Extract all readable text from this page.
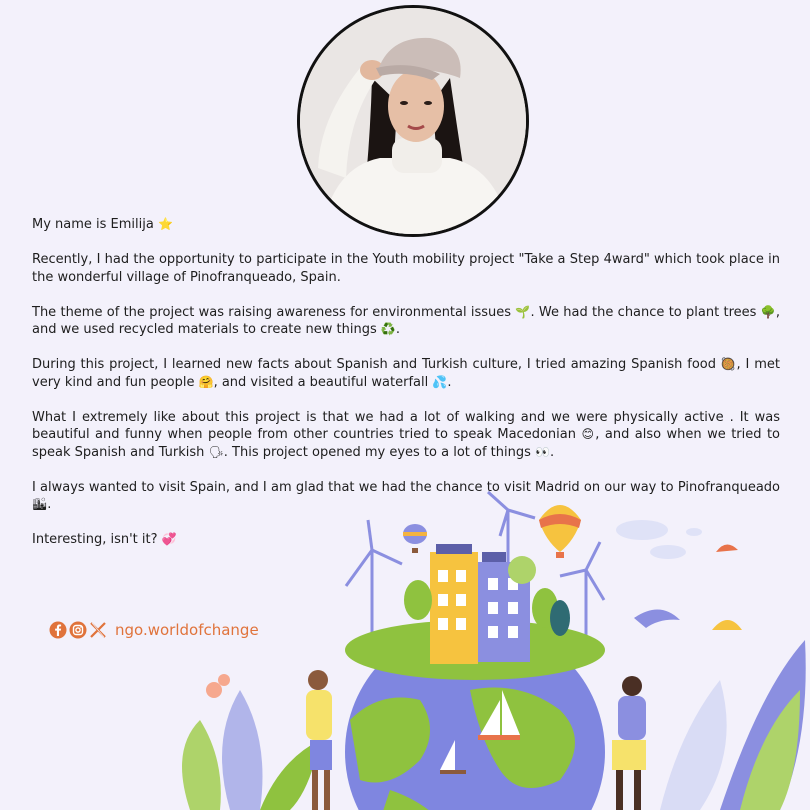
My name is Emilija ⭐

Recently, I had the opportunity to participate in the Youth mobility project "Take a Step 4ward" which took place in the wonderful village of Pinofranqueado, Spain.

The theme of the project was raising awareness for environmental issues 🌱. We had the chance to plant trees 🌳, and we used recycled materials to create new things ♻️.

During this project, I learned new facts about Spanish and Turkish culture, I tried amazing Spanish food 🥘, I met very kind and fun people 🤗, and visited a beautiful waterfall 💦.

What I extremely like about this project is that we had a lot of walking and we were physically active . It was beautiful and funny when people from other countries tried to speak Macedonian 😊, and also when we tried to speak Spanish and Turkish 🗣. This project opened my eyes to a lot of things 👀.

I always wanted to visit Spain, and I am glad that we had the chance to visit Madrid on our way to Pinofranqueado 🏙.

Interesting, isn't it? 💞

ngo.worldofchange
